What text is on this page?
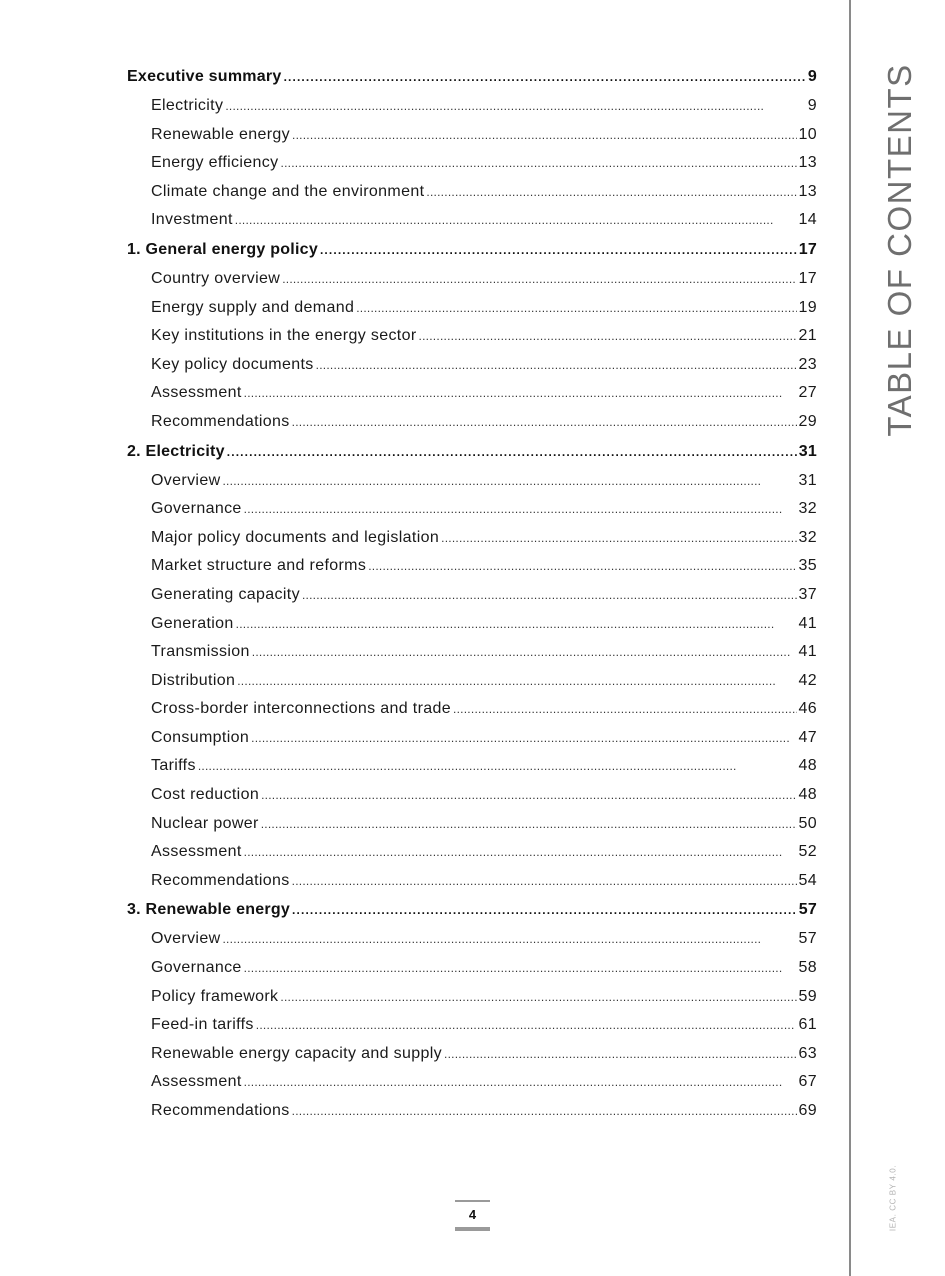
Executive summary . . .	9
Electricity . . .	9
Renewable energy . . .	10
Energy efficiency . . .	13
Climate change and the environment . . .	13
Investment . . .	14
1. General energy policy . . .	17
Country overview . . .	17
Energy supply and demand . . .	19
Key institutions in the energy sector . . .	21
Key policy documents . . .	23
Assessment . . .	27
Recommendations . . .	29
2. Electricity . . .	31
Overview . . .	31
Governance . . .	32
Major policy documents and legislation . . .	32
Market structure and reforms . . .	35
Generating capacity . . .	37
Generation . . .	41
Transmission . . .	41
Distribution . . .	42
Cross-border interconnections and trade . . .	46
Consumption . . .	47
Tariffs . . .	48
Cost reduction . . .	48
Nuclear power . . .	50
Assessment . . .	52
Recommendations . . .	54
3. Renewable energy . . .	57
Overview . . .	57
Governance . . .	58
Policy framework . . .	59
Feed-in tariffs . . .	61
Renewable energy capacity and supply . . .	63
Assessment . . .	67
Recommendations . . .	69
TABLE OF CONTENTS
IEA. CC BY 4.0.
4
